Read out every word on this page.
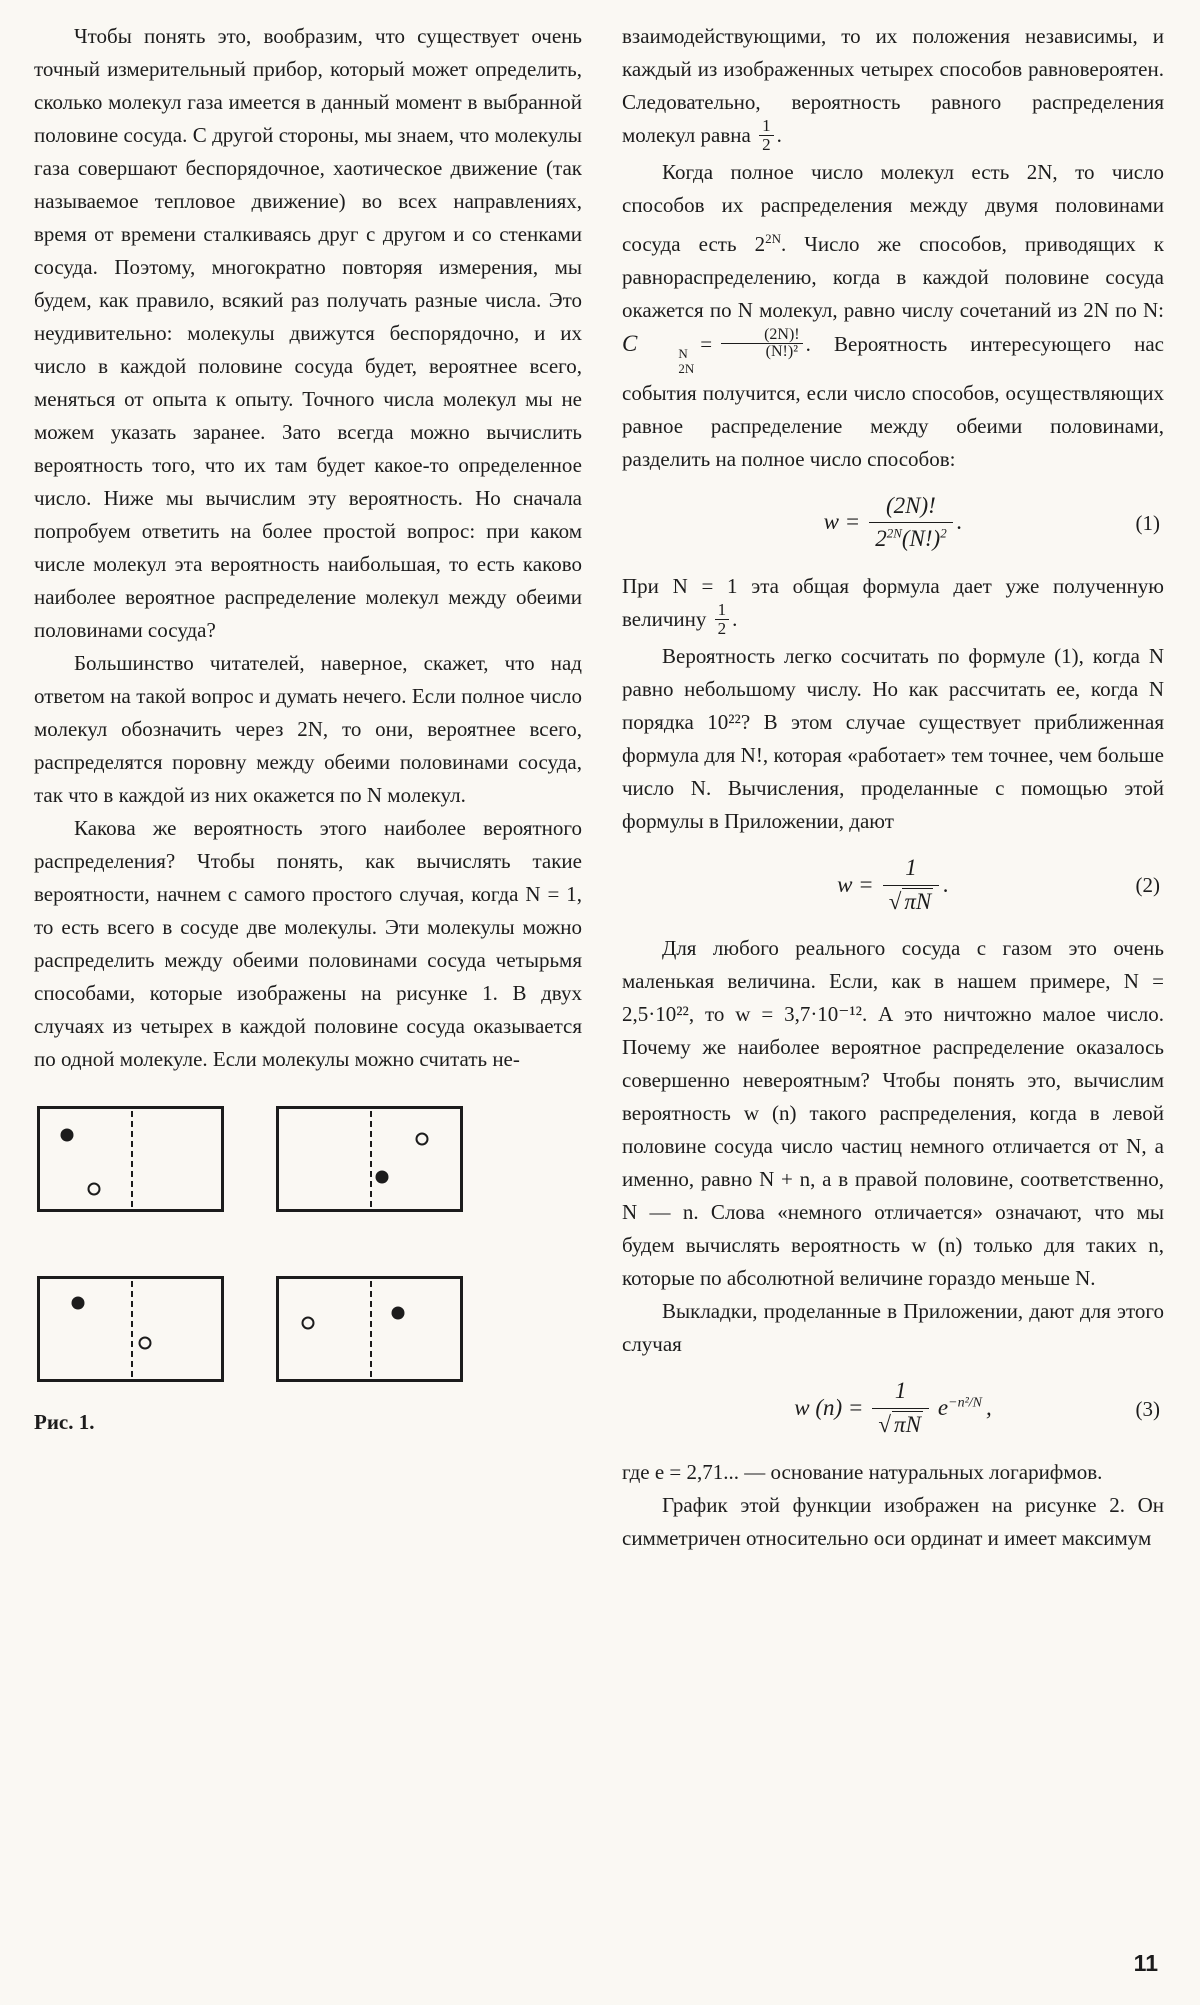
Чтобы понять это, вообразим, что существует очень точный измерительный прибор, который может определить, сколько молекул газа имеется в данный момент в выбранной половине сосуда. С другой стороны, мы знаем, что молекулы газа совершают беспорядочное, хаотическое движение (так называемое тепловое движение) во всех направлениях, время от времени сталкиваясь друг с другом и со стенками сосуда. Поэтому, многократно повторяя измерения, мы будем, как правило, всякий раз получать разные числа. Это неудивительно: молекулы движутся беспорядочно, и их число в каждой половине сосуда будет, вероятнее всего, меняться от опыта к опыту. Точного числа молекул мы не можем указать заранее. Зато всегда можно вычислить вероятность того, что их там будет какое-то определенное число. Ниже мы вычислим эту вероятность. Но сначала попробуем ответить на более простой вопрос: при каком числе молекул эта вероятность наибольшая, то есть каково наиболее вероятное распределение молекул между обеими половинами сосуда?

Большинство читателей, наверное, скажет, что над ответом на такой вопрос и думать нечего. Если полное число молекул обозначить через 2N, то они, вероятнее всего, распределятся поровну между обеими половинами сосуда, так что в каждой из них окажется по N молекул.

Какова же вероятность этого наиболее вероятного распределения? Чтобы понять, как вычислять такие вероятности, начнем с самого простого случая, когда N = 1, то есть всего в сосуде две молекулы. Эти молекулы можно распределить между обеими половинами сосуда четырьмя способами, которые изображены на рисунке 1. В двух случаях из четырех в каждой половине сосуда оказывается по одной молекуле. Если молекулы можно считать не-

Рис. 1.

взаимодействующими, то их положения независимы, и каждый из изображенных четырех способов равновероятен. Следовательно, вероятность равного распределения молекул равна $\frac{1}{2}$ .

Когда полное число молекул есть 2N, то число способов их распределения между двумя половинами сосуда есть $2^{2N}$. Число же способов, приводящих к равнораспределению, когда в каждой половине сосуда окажется по N молекул, равно числу сочетаний из 2N по N: C	N
2N
= $\frac{(2N)!}{\text{(N!)²}}$ . Вероятность интересующего нас события получится, если число способов, осуществляющих равное распределение между обеими половинами, разделить на полное число способов:

$w = \frac{(2N)!}{2^{2N}(N!)^2}$ .	(1)

При N = 1 эта общая формула дает уже полученную величину $\frac{1}{2}$ .

Вероятность легко сосчитать по формуле (1), когда N равно небольшому числу. Но как рассчитать ее, когда N порядка 10²²? В этом случае существует приближенная формула для N!, которая «работает» тем точнее, чем больше число N. Вычисления, проделанные с помощью этой формулы в Приложении, дают

$w = \frac{1}{√ \pi N}$ .	(2)

Для любого реального сосуда с газом это очень маленькая величина. Если, как в нашем примере, N = 2,5·10²², то w = 3,7·10⁻¹². А это ничтожно малое число. Почему же наиболее вероятное распределение оказалось совершенно невероятным? Чтобы понять это, вычислим вероятность w (n) такого распределения, когда в левой половине сосуда число частиц немного отличается от N, а именно, равно N + n, а в правой половине, соответственно, N — n. Слова «немного отличается» означают, что мы будем вычислять вероятность w (n) только для таких n, которые по абсолютной величине гораздо меньше N.

Выкладки, проделанные в Приложении, дают для этого случая

w $(n) = \frac{1}{√ \pi N} e^{-n^2/N}$ ,	(3)

где e = 2,71... — основание натуральных логарифмов.

График этой функции изображен на рисунке 2. Он симметричен относительно оси ординат и имеет максимум

11
